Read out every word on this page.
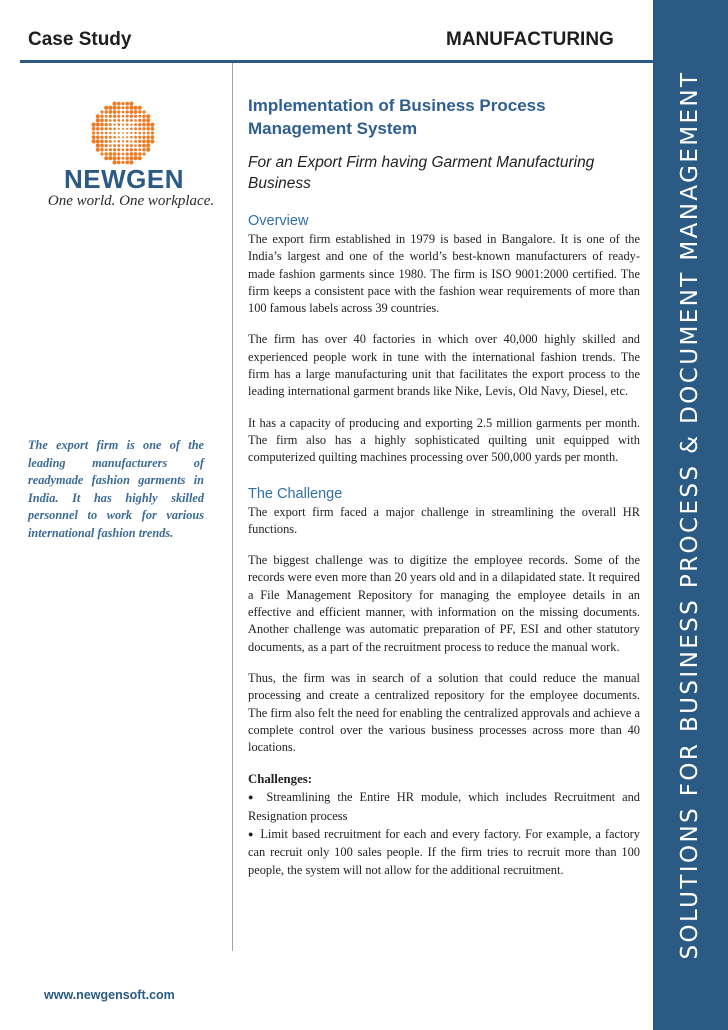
SOLUTIONS FOR BUSINESS PROCESS & DOCUMENT MANAGEMENT
Case Study	MANUFACTURING
NEWGEN
One world. One workplace.
The export firm is one of the leading manufacturers of readymade fashion garments in India. It has highly skilled personnel to work for various international fashion trends.
www.newgensoft.com
Implementation of Business Process Management System
For an Export Firm having Garment Manufacturing Business
Overview

The export firm established in 1979 is based in Bangalore. It is one of the India’s largest and one of the world’s best-known manufacturers of ready-made fashion garments since 1980. The firm is ISO 9001:2000 certified. The firm keeps a consistent pace with the fashion wear requirements of more than 100 famous labels across 39 countries.

The firm has over 40 factories in which over 40,000 highly skilled and experienced people work in tune with the international fashion trends. The firm has a large manufacturing unit that facilitates the export process to the leading international garment brands like Nike, Levis, Old Navy, Diesel, etc.

It has a capacity of producing and exporting 2.5 million garments per month. The firm also has a highly sophisticated quilting unit equipped with computerized quilting machines processing over 500,000 yards per month.

The Challenge

The export firm faced a major challenge in streamlining the overall HR functions.

The biggest challenge was to digitize the employee records. Some of the records were even more than 20 years old and in a dilapidated state. It required a File Management Repository for managing the employee details in an effective and efficient manner, with information on the missing documents. Another challenge was automatic preparation of PF, ESI and other statutory documents, as a part of the recruitment process to reduce the manual work.

Thus, the firm was in search of a solution that could reduce the manual processing and create a centralized repository for the employee documents. The firm also felt the need for enabling the centralized approvals and achieve a complete control over the various business processes across more than 40 locations.

Challenges:
● Streamlining the Entire HR module, which includes Recruitment and Resignation process
● Limit based recruitment for each and every factory. For example, a factory can recruit only 100 sales people. If the firm tries to recruit more than 100 people, the system will not allow for the additional recruitment.
